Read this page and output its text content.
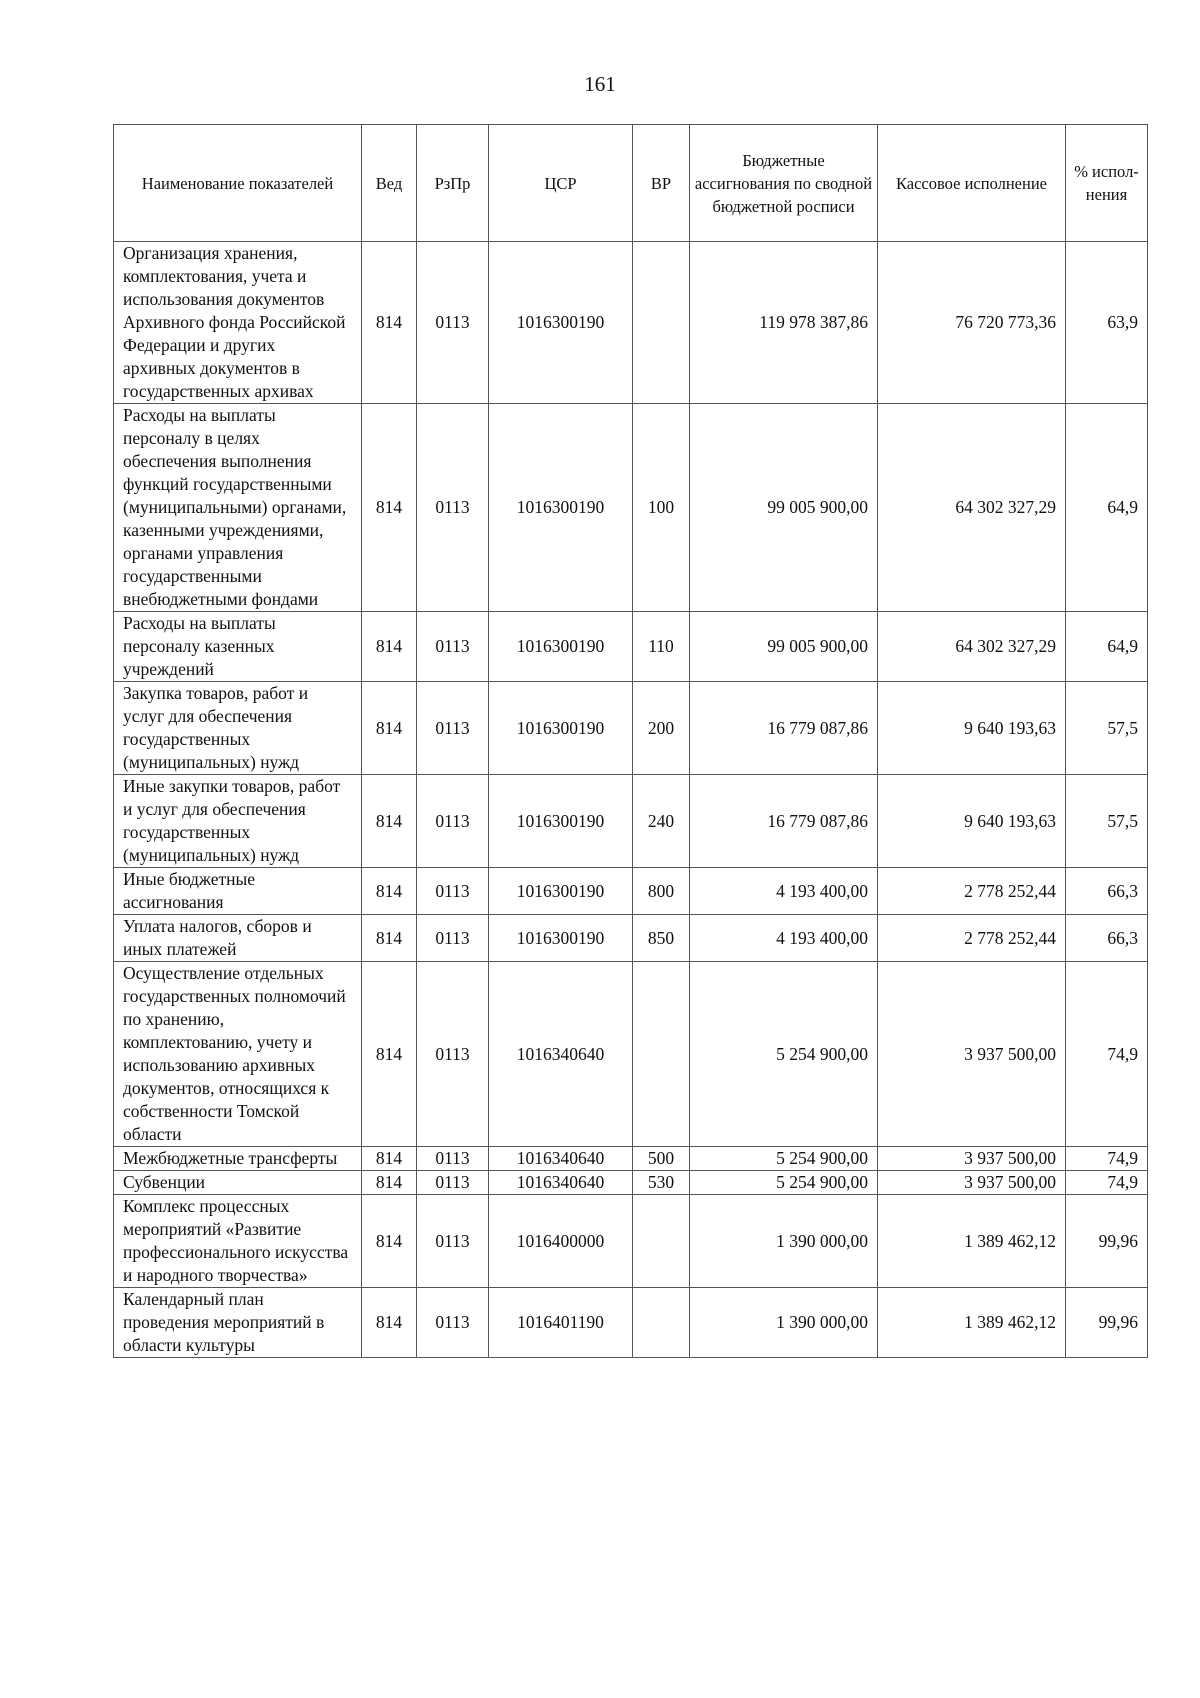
161
Наименование показателей	Вед	РзПр	ЦСР	ВР	Бюджетные ассигнования по сводной бюджетной росписи	Кассовое исполнение	% испол-нения
Организация хранения, комплектования, учета и использования документов Архивного фонда Российской Федерации и других архивных документов в государственных архивах	814	0113	1016300190		119 978 387,86	76 720 773,36	63,9
Расходы на выплаты персоналу в целях обеспечения выполнения функций государственными (муниципальными) органами, казенными учреждениями, органами управления государственными внебюджетными фондами	814	0113	1016300190	100	99 005 900,00	64 302 327,29	64,9
Расходы на выплаты персоналу казенных учреждений	814	0113	1016300190	110	99 005 900,00	64 302 327,29	64,9
Закупка товаров, работ и услуг для обеспечения государственных (муниципальных) нужд	814	0113	1016300190	200	16 779 087,86	9 640 193,63	57,5
Иные закупки товаров, работ и услуг для обеспечения государственных (муниципальных) нужд	814	0113	1016300190	240	16 779 087,86	9 640 193,63	57,5
Иные бюджетные ассигнования	814	0113	1016300190	800	4 193 400,00	2 778 252,44	66,3
Уплата налогов, сборов и иных платежей	814	0113	1016300190	850	4 193 400,00	2 778 252,44	66,3
Осуществление отдельных государственных полномочий по хранению, комплектованию, учету и использованию архивных документов, относящихся к собственности Томской области	814	0113	1016340640		5 254 900,00	3 937 500,00	74,9
Межбюджетные трансферты	814	0113	1016340640	500	5 254 900,00	3 937 500,00	74,9
Субвенции	814	0113	1016340640	530	5 254 900,00	3 937 500,00	74,9
Комплекс процессных мероприятий «Развитие профессионального искусства и народного творчества»	814	0113	1016400000		1 390 000,00	1 389 462,12	99,96
Календарный план проведения мероприятий в области культуры	814	0113	1016401190		1 390 000,00	1 389 462,12	99,96
